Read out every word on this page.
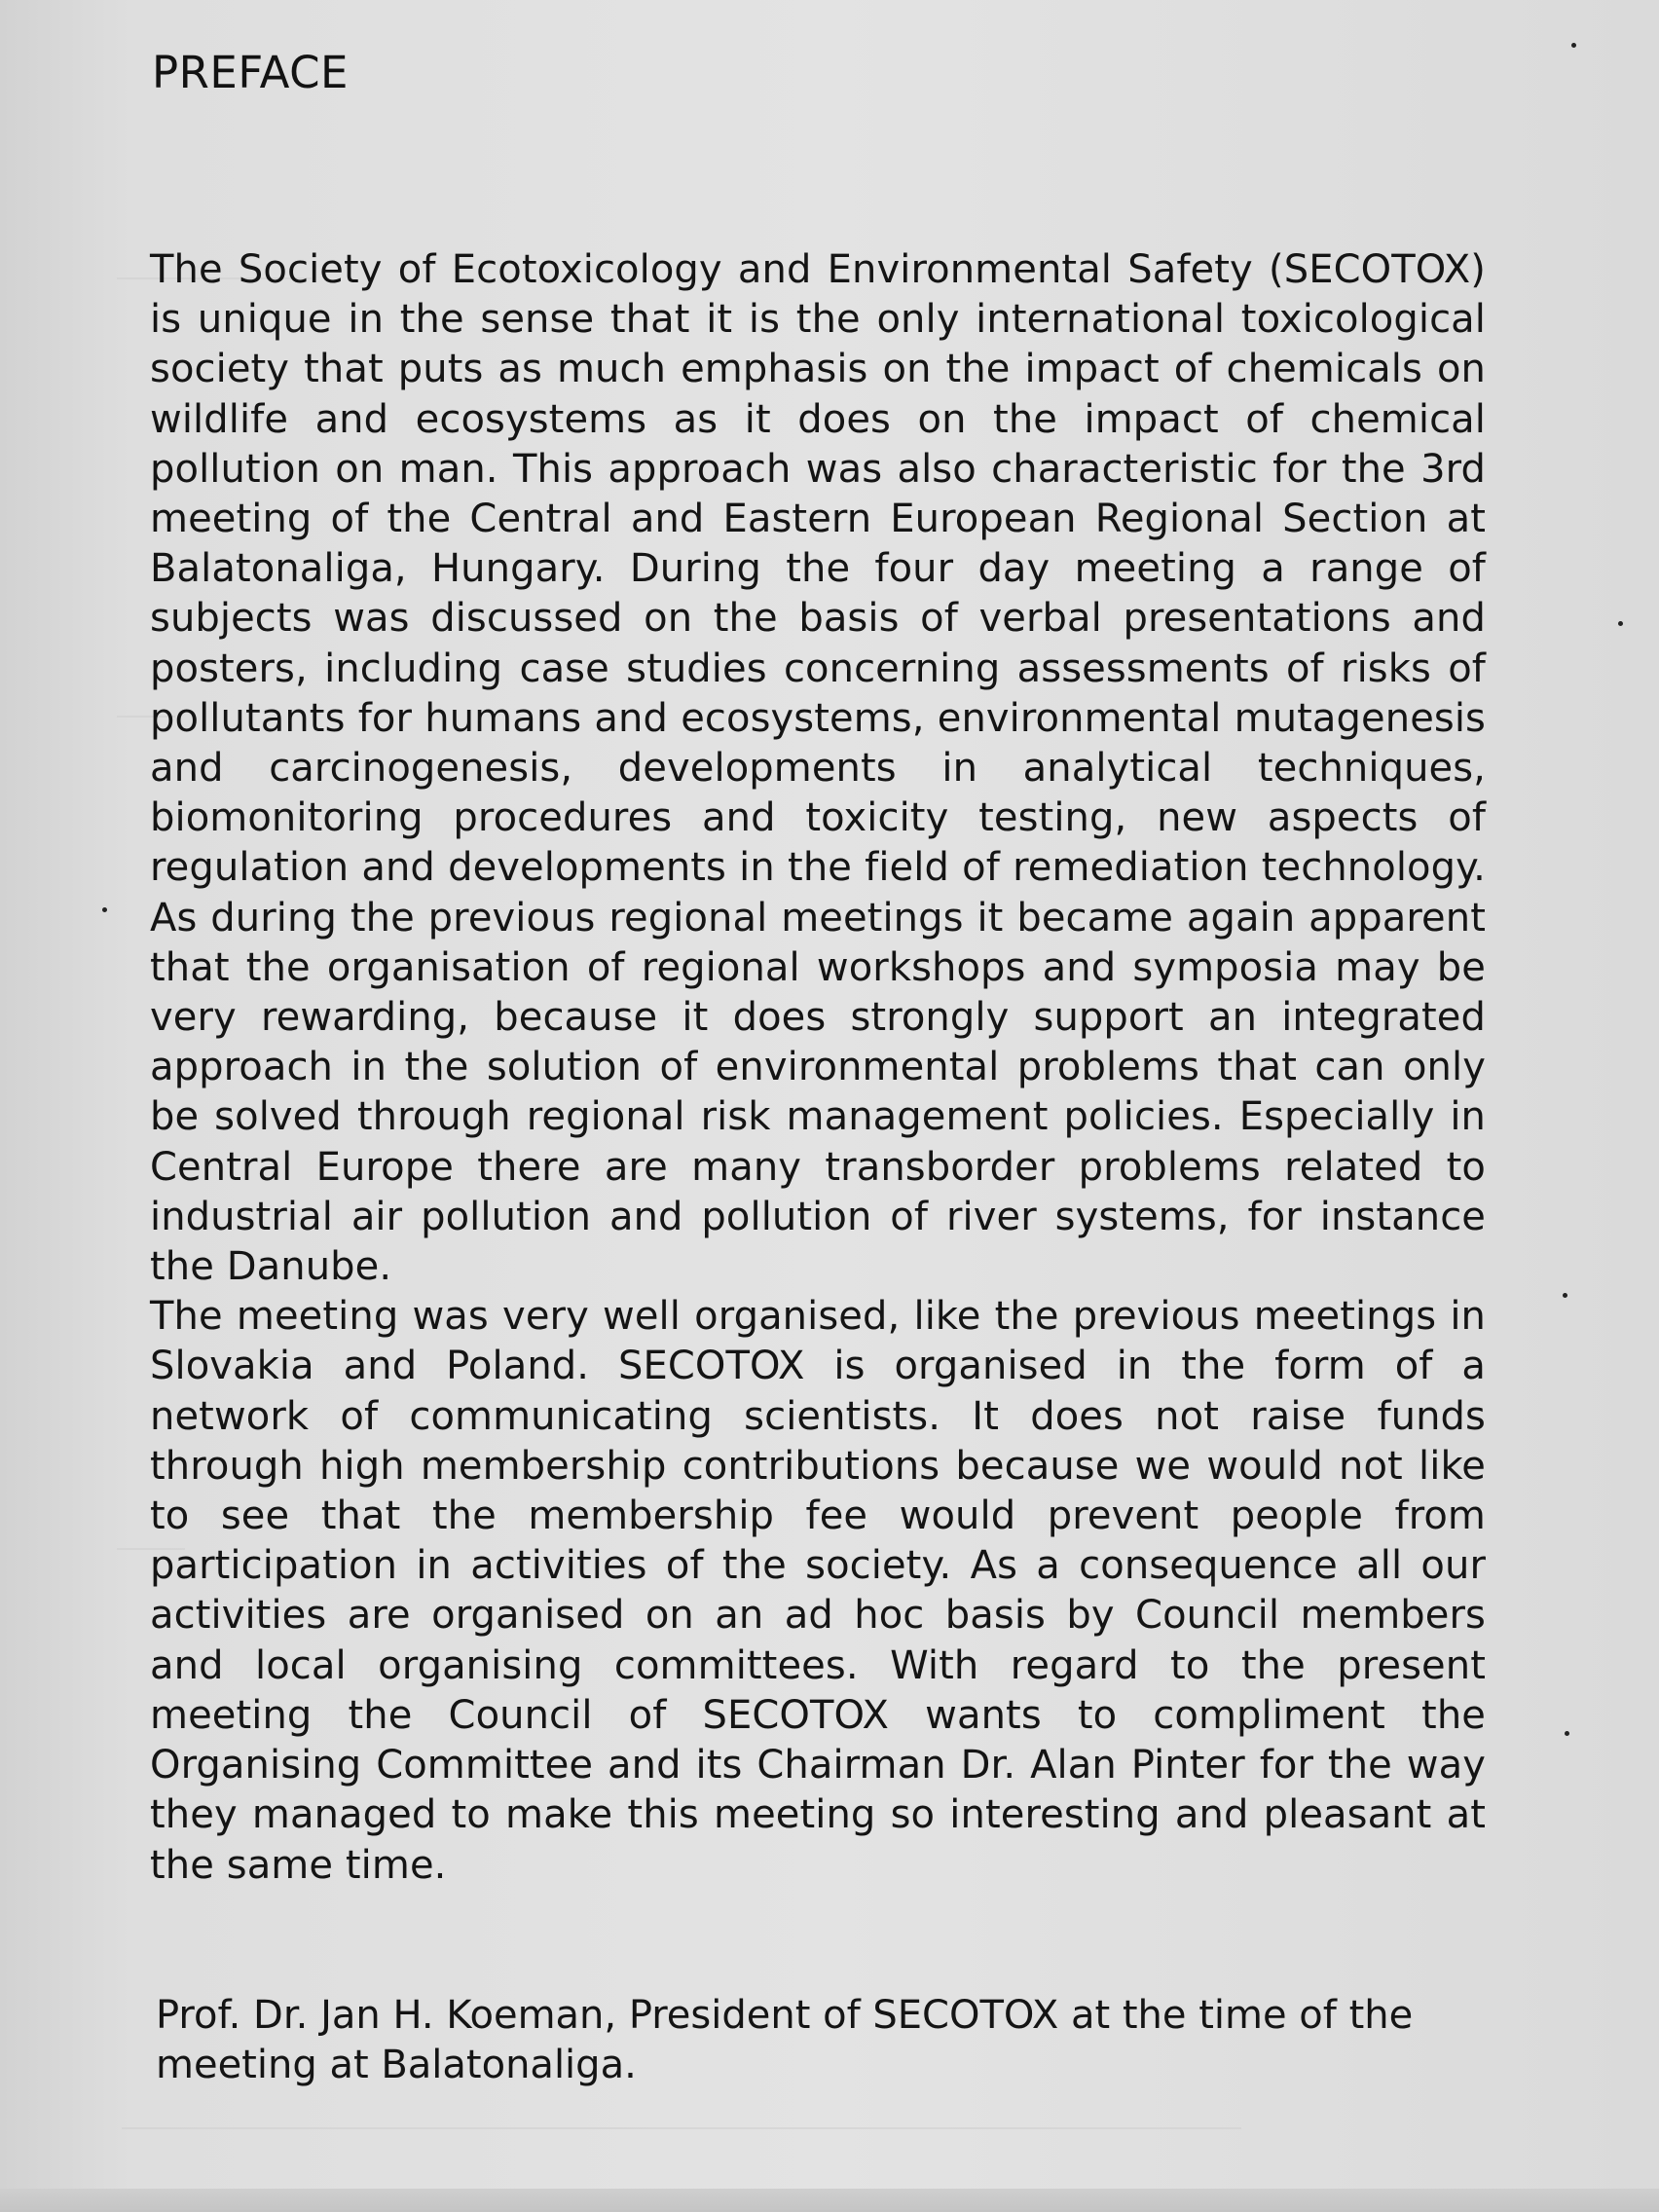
PREFACE

The Society of Ecotoxicology and Environmental Safety (SECOTOX) is unique in the sense that it is the only international toxicological society that puts as much emphasis on the impact of chemicals on wildlife and ecosystems as it does on the impact of chemical pollution on man. This approach was also characteristic for the 3rd meeting of the Central and Eastern European Regional Section at Balatonaliga, Hungary. During the four day meeting a range of subjects was discussed on the basis of verbal presentations and posters, including case studies concerning assessments of risks of pollutants for humans and ecosystems, environmental mutagenesis and carcinogenesis, developments in analytical techniques, biomonitoring procedures and toxicity testing, new aspects of regulation and developments in the field of remediation technology. As during the previous regional meetings it became again apparent that the organisation of regional workshops and symposia may be very rewarding, because it does strongly support an integrated approach in the solution of environmental problems that can only be solved through regional risk management policies. Especially in Central Europe there are many transborder problems related to industrial air pollution and pollution of river systems, for instance the Danube.

The meeting was very well organised, like the previous meetings in Slovakia and Poland. SECOTOX is organised in the form of a network of communicating scientists. It does not raise funds through high membership contributions because we would not like to see that the membership fee would prevent people from participation in activities of the society. As a consequence all our activities are organised on an ad hoc basis by Council members and local organising committees. With regard to the present meeting the Council of SECOTOX wants to compliment the Organising Committee and its Chairman Dr. Alan Pinter for the way they managed to make this meeting so interesting and pleasant at the same time.

Prof. Dr. Jan H. Koeman, President of SECOTOX at the time of the meeting at Balatonaliga.
